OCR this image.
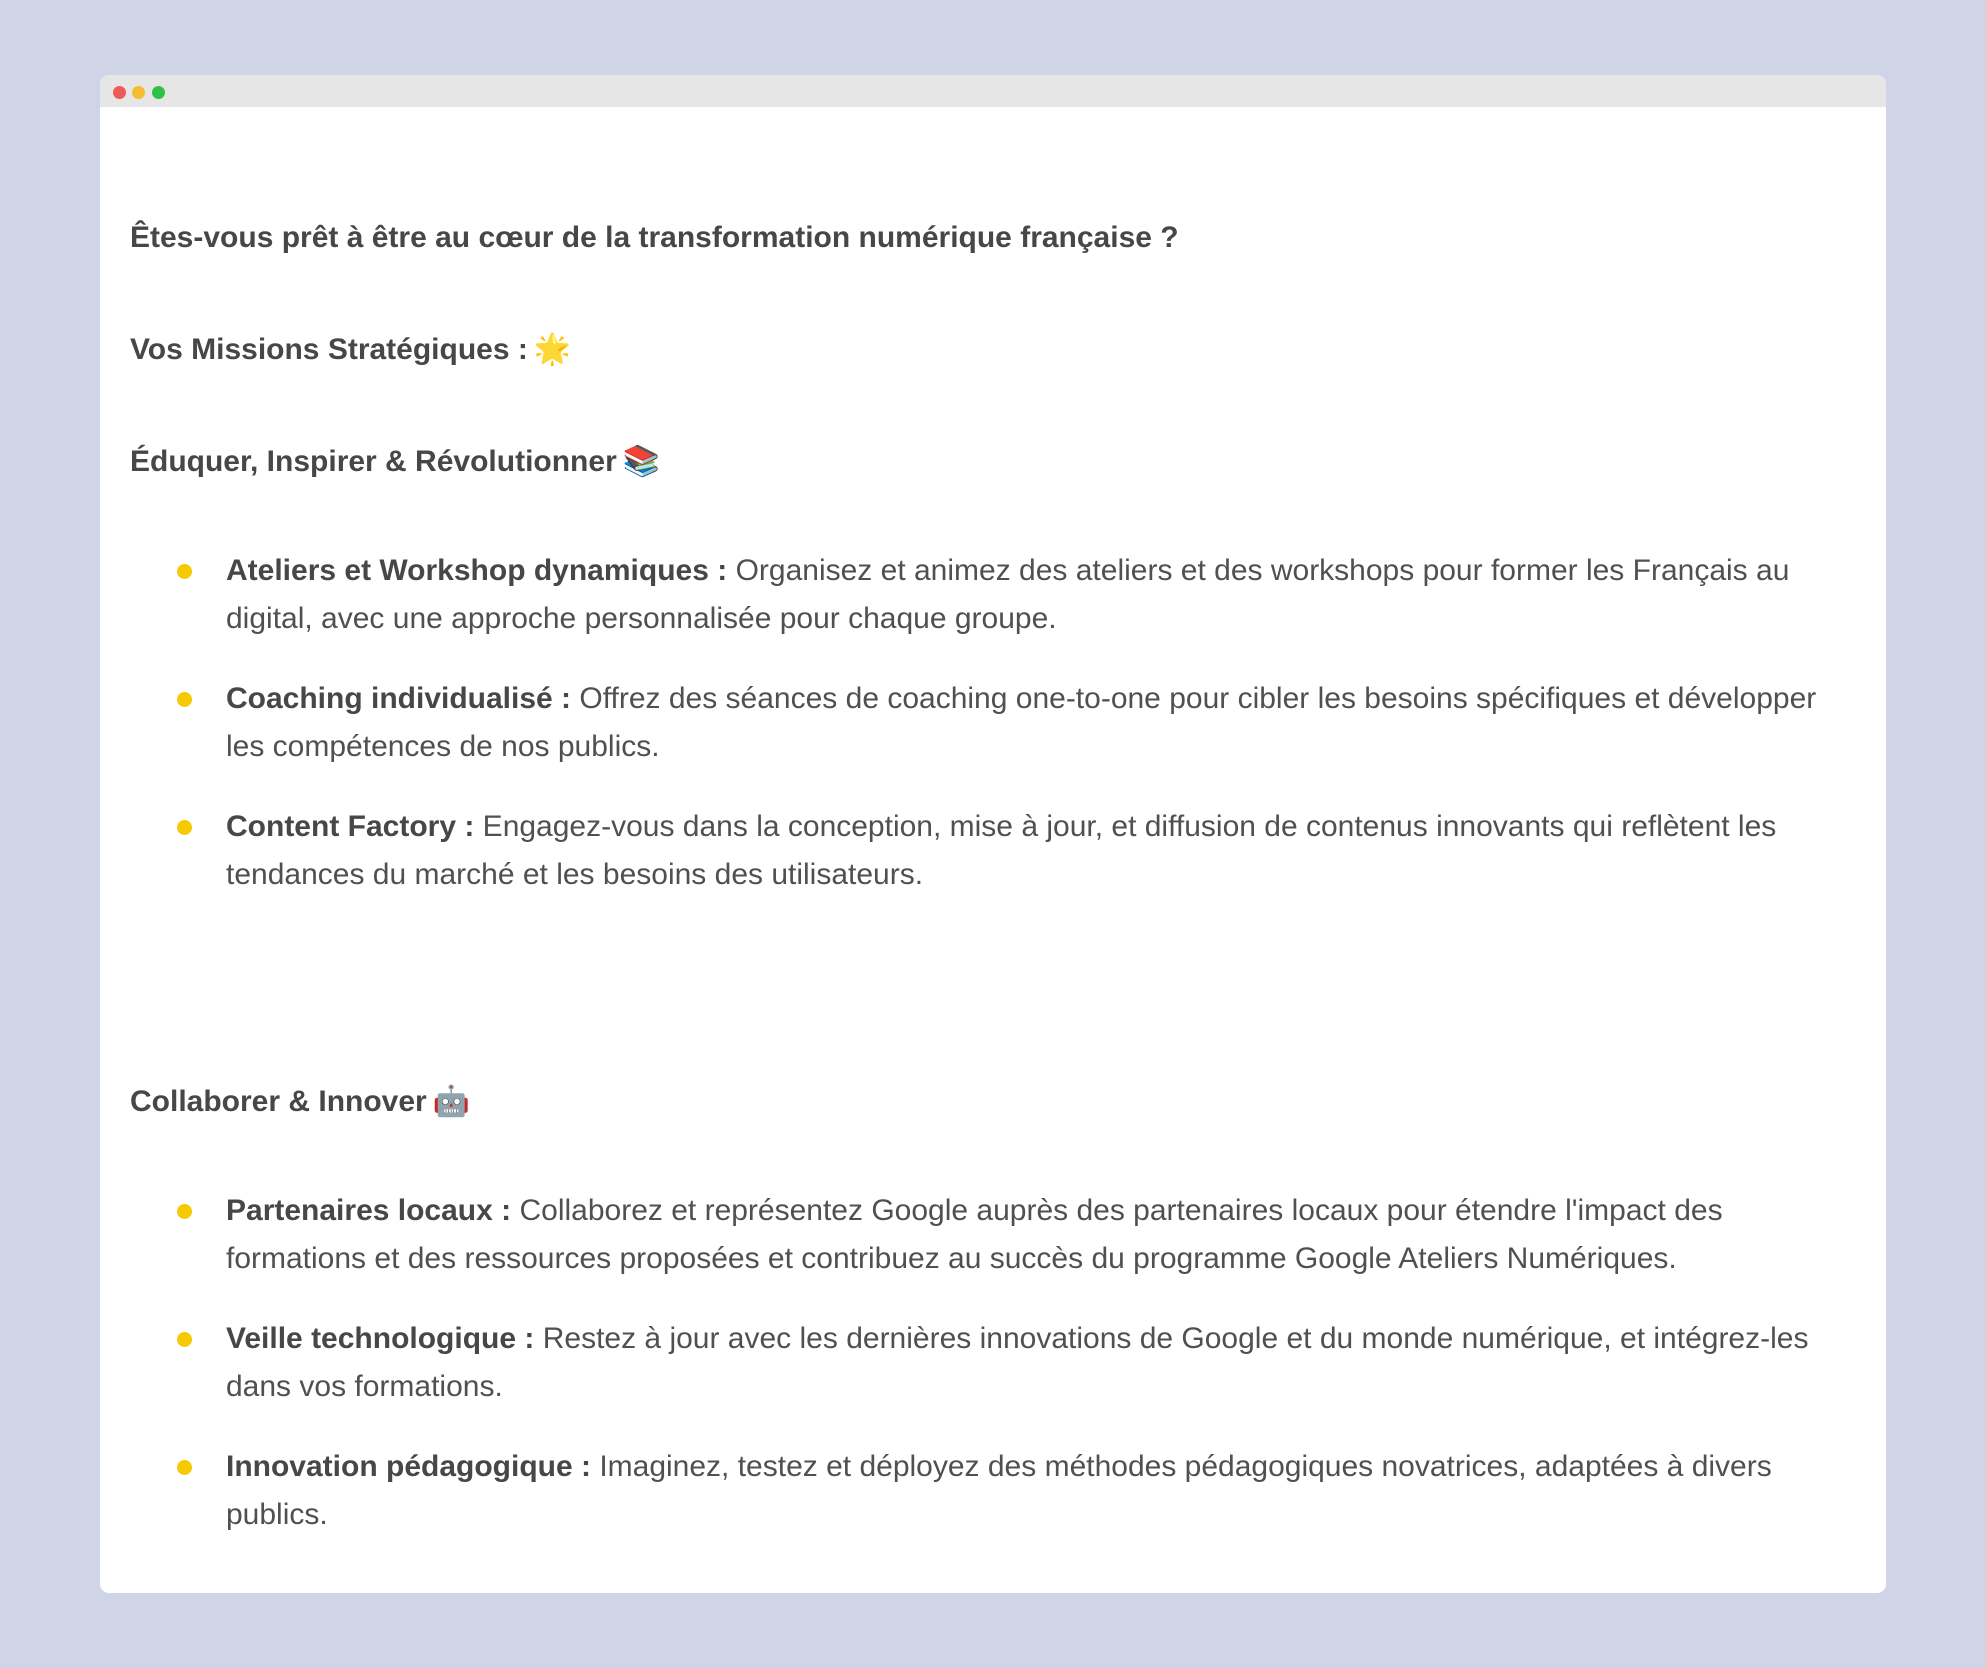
Êtes-vous prêt à être au cœur de la transformation numérique française ?
Vos Missions Stratégiques : 🌟
Éduquer, Inspirer & Révolutionner 📚
Ateliers et Workshop dynamiques : Organisez et animez des ateliers et des workshops pour former les Français au digital, avec une approche personnalisée pour chaque groupe.
Coaching individualisé : Offrez des séances de coaching one-to-one pour cibler les besoins spécifiques et développer les compétences de nos publics.
Content Factory : Engagez-vous dans la conception, mise à jour, et diffusion de contenus innovants qui reflètent les tendances du marché et les besoins des utilisateurs.
Collaborer & Innover 🤖
Partenaires locaux : Collaborez et représentez Google auprès des partenaires locaux pour étendre l'impact des formations et des ressources proposées et contribuez au succès du programme Google Ateliers Numériques.
Veille technologique : Restez à jour avec les dernières innovations de Google et du monde numérique, et intégrez-les dans vos formations.
Innovation pédagogique : Imaginez, testez et déployez des méthodes pédagogiques novatrices, adaptées à divers publics.
